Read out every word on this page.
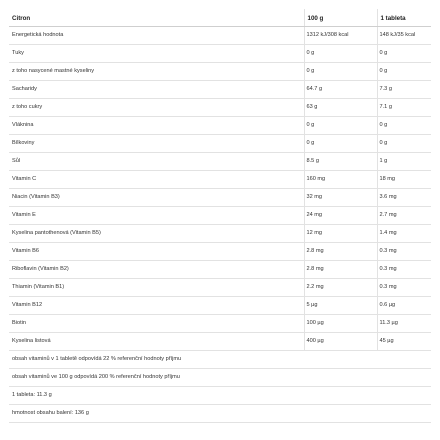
Citron	100 g	1 tableta
Energetická hodnota	1312 kJ/308 kcal	148 kJ/35 kcal
Tuky	0 g	0 g
z toho nasycené mastné kyseliny	0 g	0 g
Sacharidy	64.7 g	7.3 g
z toho cukry	63 g	7.1 g
Vláknina	0 g	0 g
Bílkoviny	0 g	0 g
Sůl	8.5 g	1 g
Vitamin C	160 mg	18 mg
Niacin (Vitamin B3)	32 mg	3.6 mg
Vitamin E	24 mg	2.7 mg
Kyselina pantothenová (Vitamin B5)	12 mg	1.4 mg
Vitamin B6	2.8 mg	0.3 mg
Riboflavin (Vitamin B2)	2.8 mg	0.3 mg
Thiamin (Vitamin B1)	2.2 mg	0.3 mg
Vitamin B12	5 µg	0.6 µg
Biotin	100 µg	11.3 µg
Kyselina listová	400 µg	45 µg
obsah vitaminů v 1 tabletě odpovídá 22 % referenční hodnoty příjmu		
obsah vitaminů ve 100 g odpovídá 200 % referenční hodnoty příjmu		
1 tableta: 11.3 g		
hmotnost obsahu balení: 136 g		
